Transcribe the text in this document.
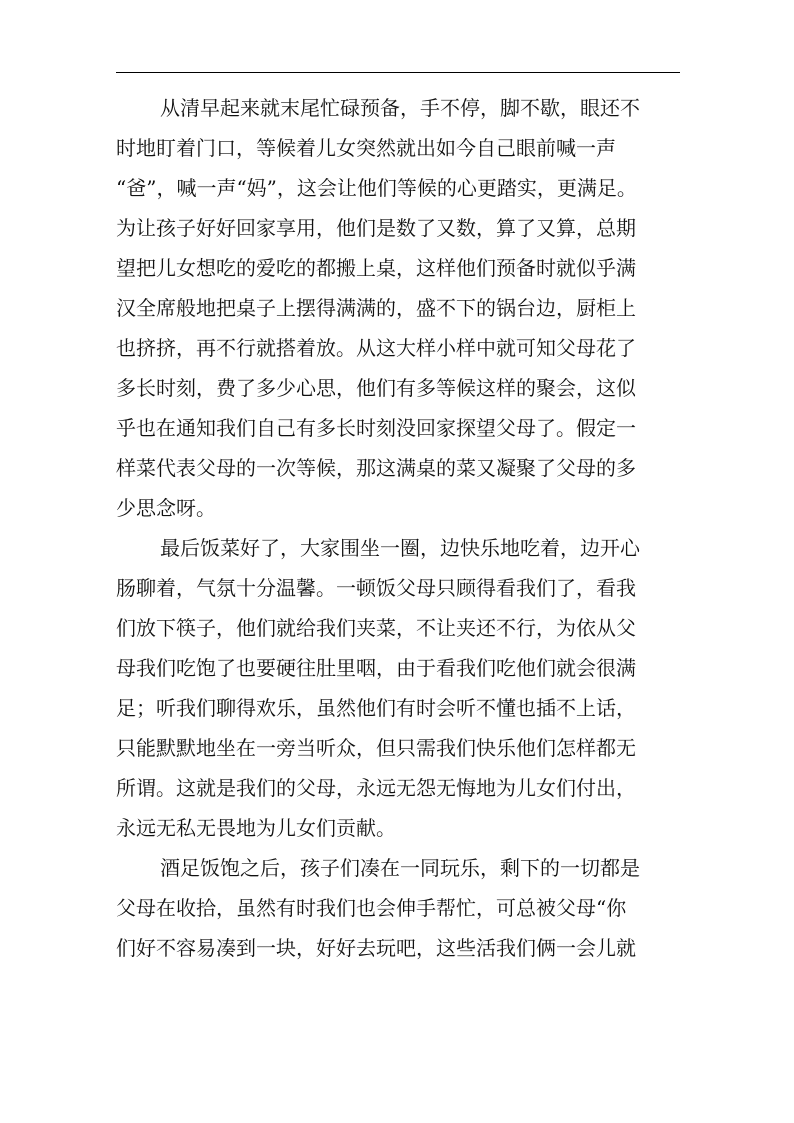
从清早起来就末尾忙碌预备，手不停，脚不歇，眼还不
时地盯着门口，等候着儿女突然就出如今自己眼前喊一声
“爸”，喊一声“妈”，这会让他们等候的心更踏实，更满足。
为让孩子好好回家享用，他们是数了又数，算了又算，总期
望把儿女想吃的爱吃的都搬上桌，这样他们预备时就似乎满
汉全席般地把桌子上摆得满满的，盛不下的锅台边，厨柜上
也挤挤，再不行就搭着放。从这大样小样中就可知父母花了
多长时刻，费了多少心思，他们有多等候这样的聚会，这似
乎也在通知我们自己有多长时刻没回家探望父母了。假定一
样菜代表父母的一次等候，那这满桌的菜又凝聚了父母的多
少思念呀。
最后饭菜好了，大家围坐一圈，边快乐地吃着，边开心
肠聊着，气氛十分温馨。一顿饭父母只顾得看我们了，看我
们放下筷子，他们就给我们夹菜，不让夹还不行，为依从父
母我们吃饱了也要硬往肚里咽，由于看我们吃他们就会很满
足；听我们聊得欢乐，虽然他们有时会听不懂也插不上话，
只能默默地坐在一旁当听众，但只需我们快乐他们怎样都无
所谓。这就是我们的父母，永远无怨无悔地为儿女们付出，
永远无私无畏地为儿女们贡献。
酒足饭饱之后，孩子们凑在一同玩乐，剩下的一切都是
父母在收拾，虽然有时我们也会伸手帮忙，可总被父母“你
们好不容易凑到一块，好好去玩吧，这些活我们俩一会儿就
